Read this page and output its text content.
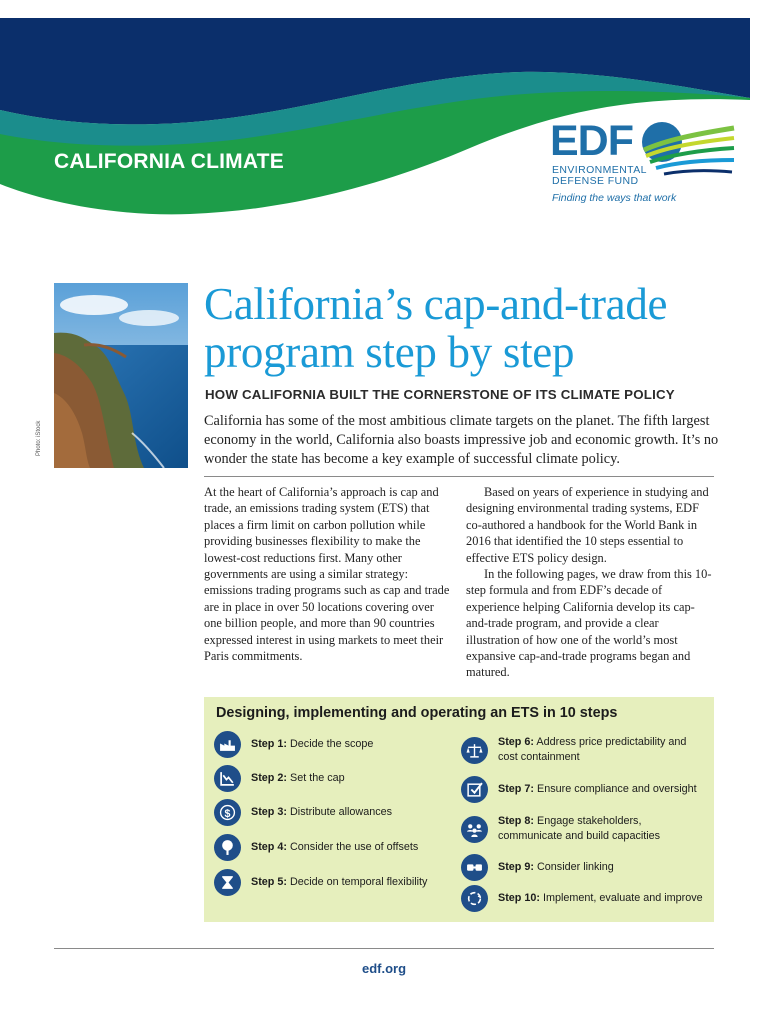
CALIFORNIA CLIMATE	EDF
ENVIRONMENTAL
DEFENSE FUND
Finding the ways that work
Photo: iStock
California’s cap-and-trade
program step by step
HOW CALIFORNIA BUILT THE CORNERSTONE OF ITS CLIMATE POLICY
California has some of the most ambitious climate targets on the planet. The fifth largest economy in the world, California also boasts impressive job and economic growth. It’s no wonder the state has become a key example of successful climate policy.

At the heart of California’s approach is cap and trade, an emissions trading system (ETS) that places a firm limit on carbon pollution while providing businesses flexibility to make the lowest-cost reductions first. Many other governments are using a similar strategy: emissions trading programs such as cap and trade are in place in over 50 locations covering over one billion people, and more than 90 countries expressed interest in using markets to meet their Paris commitments.

Based on years of experience in studying and designing environmental trading systems, EDF co-authored a handbook for the World Bank in 2016 that identified the 10 steps essential to effective ETS policy design.

In the following pages, we draw from this 10-step formula and from EDF’s decade of experience helping California develop its cap-and-trade program, and provide a clear illustration of how one of the world’s most expansive cap-and-trade programs began and matured.

Designing, implementing and operating an ETS in 10 steps
Step 1: Decide the scope
Step 2: Set the cap
$ Step 3: Distribute allowances
Step 4: Consider the use of offsets
Step 5: Decide on temporal flexibility
Step 6: Address price predictability and
cost containment
Step 7: Ensure compliance and oversight
Step 8: Engage stakeholders,
communicate and build capacities
Step 9: Consider linking
Step 10: Implement, evaluate and improve
edf.org
